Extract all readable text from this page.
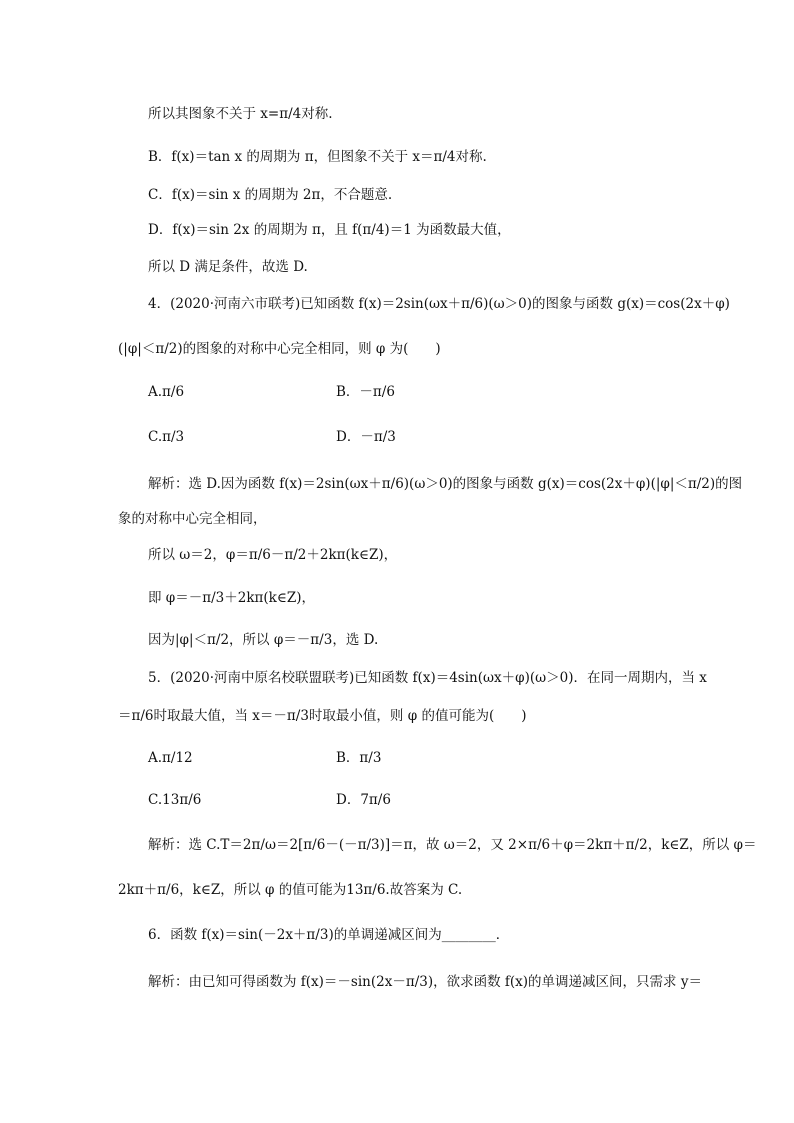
所以其图象不关于 x=π/4对称.
B．f(x)＝tan x 的周期为 π，但图象不关于 x＝π/4对称.
C．f(x)＝sin x 的周期为 2π，不合题意.
D．f(x)＝sin 2x 的周期为 π，且 f(π/4)＝1 为函数最大值，
所以 D 满足条件，故选 D.
4．(2020·河南六市联考)已知函数 f(x)＝2sin(ωx＋π/6)(ω＞0)的图象与函数 g(x)＝cos(2x＋φ)
(|φ|＜π/2)的图象的对称中心完全相同，则 φ 为(　　)
A.π/6	B．－π/6
C.π/3	D．－π/3
解析：选 D.因为函数 f(x)＝2sin(ωx＋π/6)(ω＞0)的图象与函数 g(x)＝cos(2x＋φ)(|φ|＜π/2)的图
象的对称中心完全相同，
所以 ω＝2，φ＝π/6－π/2＋2kπ(k∈Z)，
即 φ＝－π/3＋2kπ(k∈Z)，
因为|φ|＜π/2，所以 φ＝－π/3，选 D.
5．(2020·河南中原名校联盟联考)已知函数 f(x)＝4sin(ωx＋φ)(ω＞0)．在同一周期内，当 x
＝π/6时取最大值，当 x＝－π/3时取最小值，则 φ 的值可能为(　　)
A.π/12	B．π/3
C.13π/6	D．7π/6
解析：选 C.T＝2π/ω＝2[π/6－(－π/3)]＝π，故 ω＝2，又 2×π/6＋φ＝2kπ＋π/2，k∈Z，所以 φ＝
2kπ＋π/6，k∈Z，所以 φ 的值可能为13π/6.故答案为 C.
6．函数 f(x)＝sin(－2x＋π/3)的单调递减区间为________．
解析：由已知可得函数为 f(x)＝－sin(2x－π/3)，欲求函数 f(x)的单调递减区间，只需求 y＝
